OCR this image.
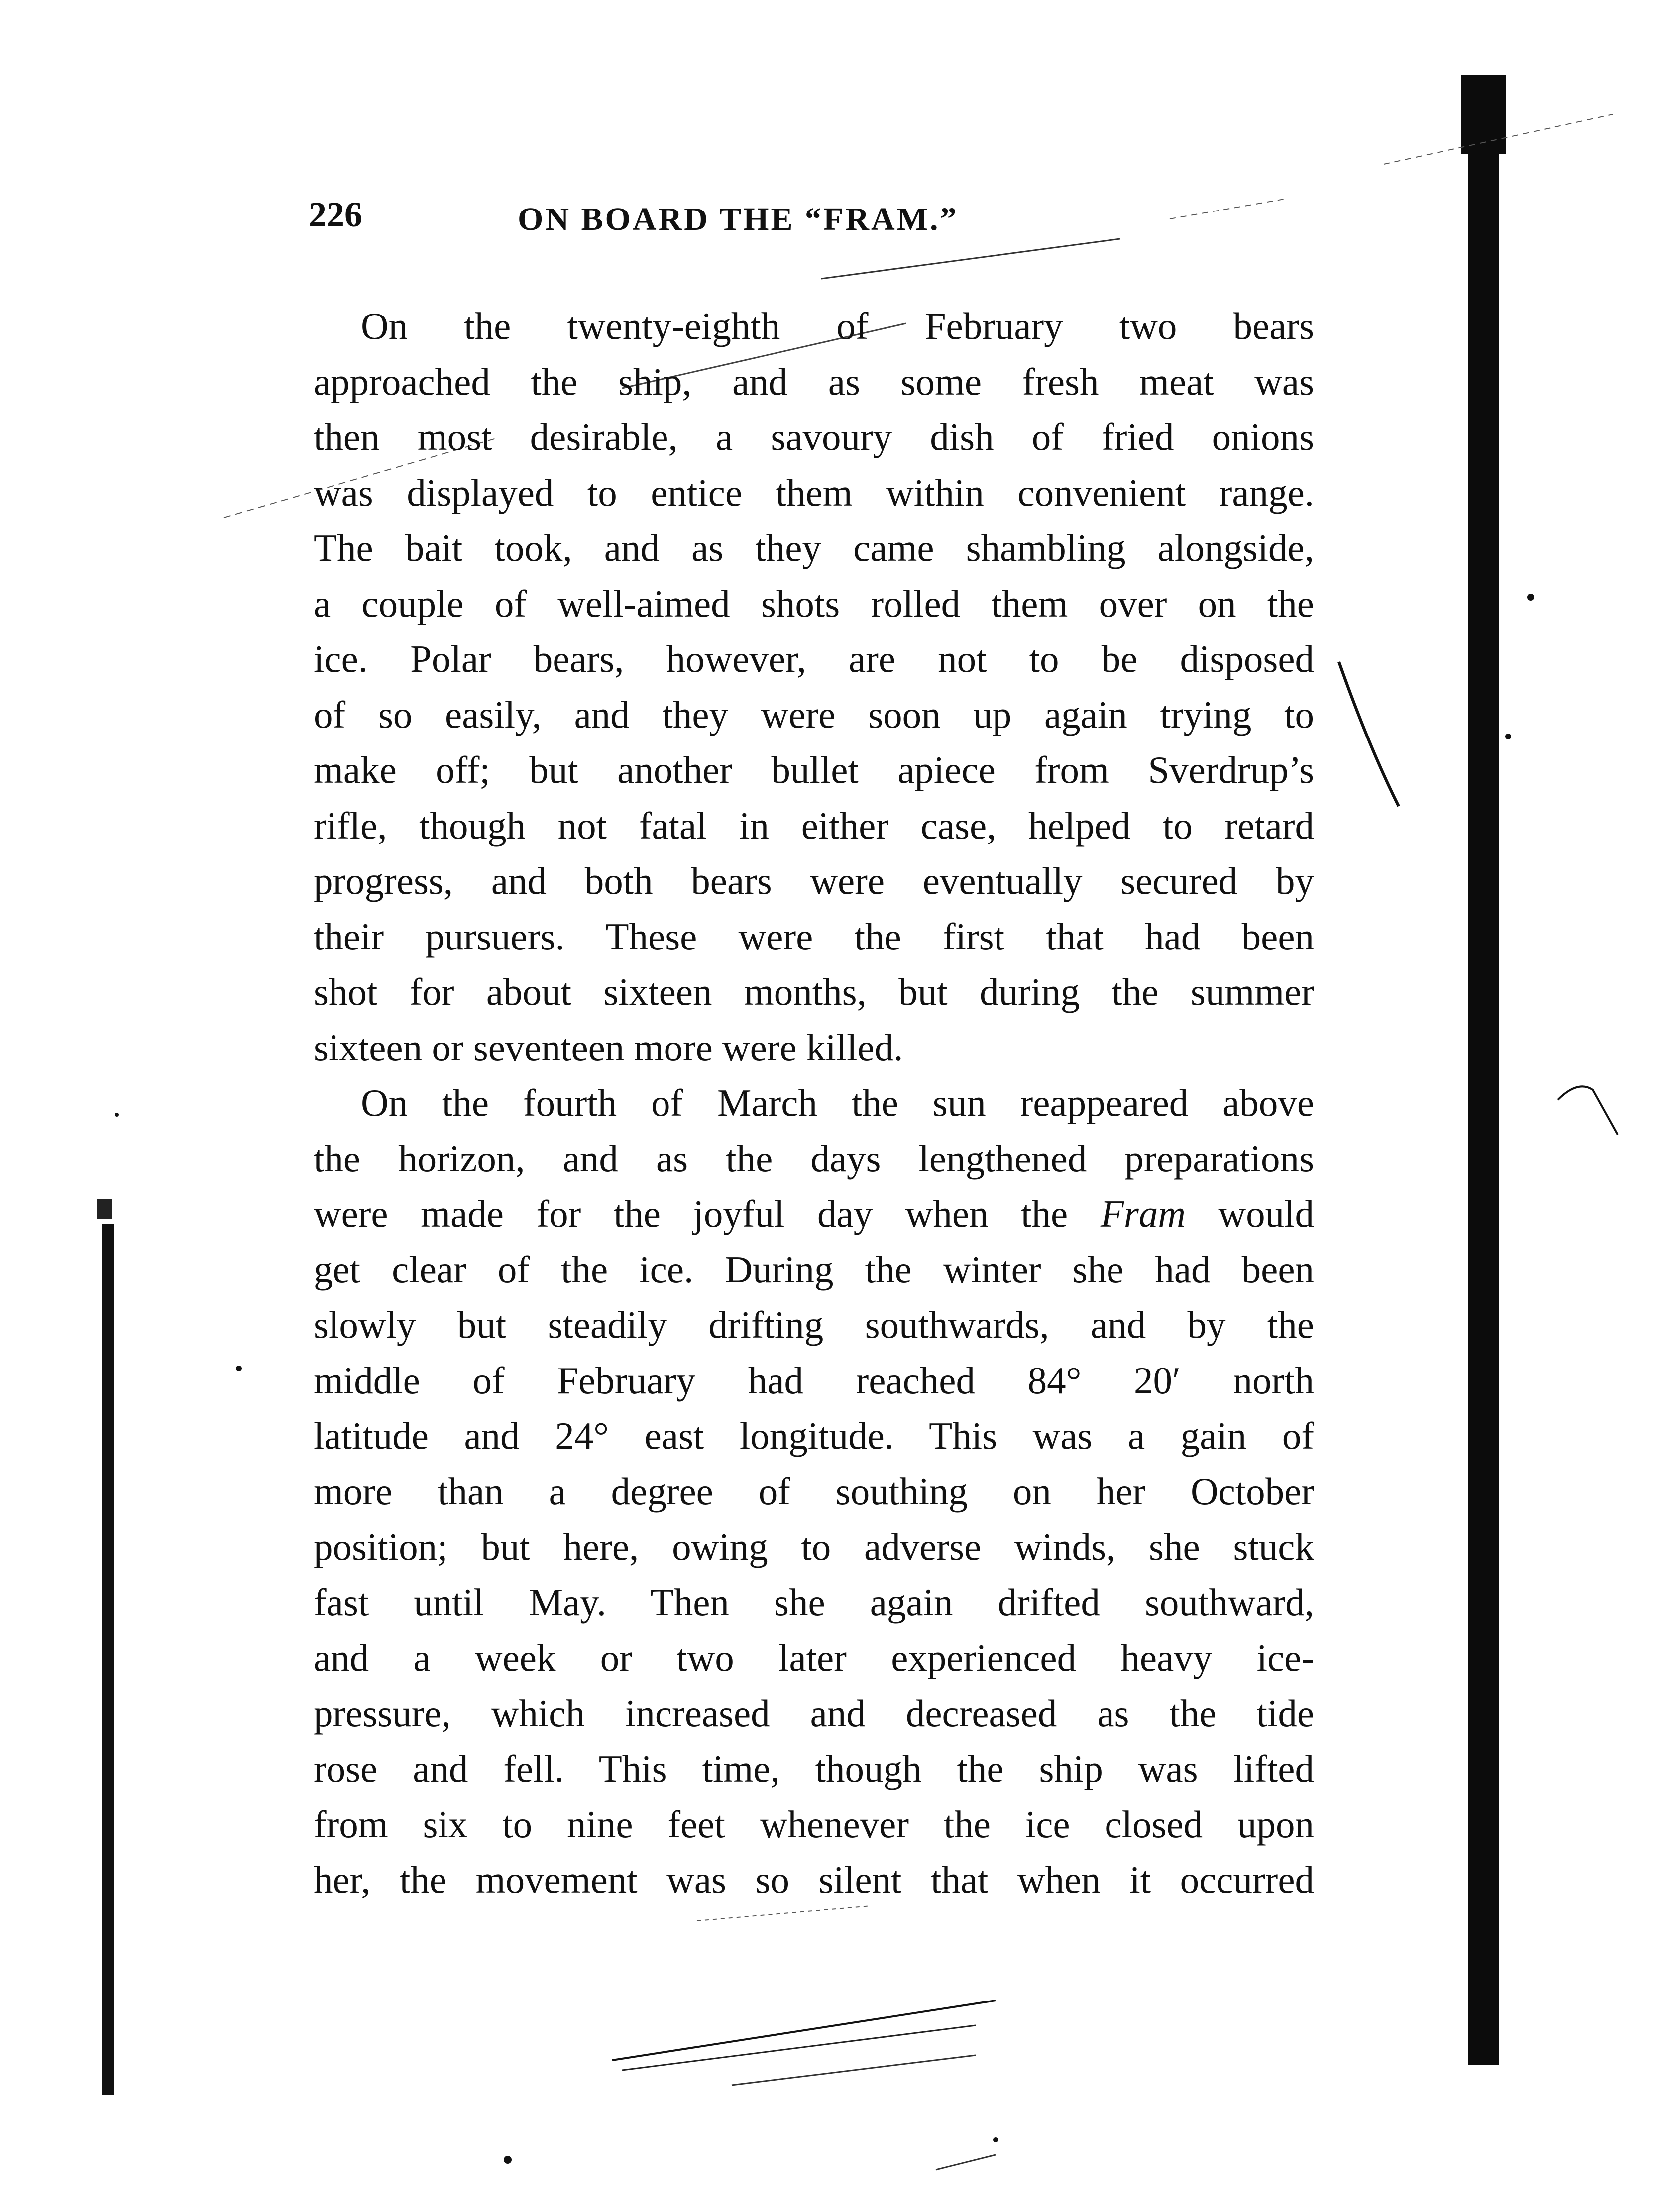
226	ON BOARD THE “FRAM.”

On the twenty-eighth of February two bears
approached the ship, and as some fresh meat was
then most desirable, a savoury dish of fried onions
was displayed to entice them within convenient range.
The bait took, and as they came shambling alongside,
a couple of well-aimed shots rolled them over on the
ice. Polar bears, however, are not to be disposed
of so easily, and they were soon up again trying to
make off; but another bullet apiece from Sverdrup’s
rifle, though not fatal in either case, helped to retard
progress, and both bears were eventually secured by
their pursuers. These were the first that had been
shot for about sixteen months, but during the summer
sixteen or seventeen more were killed.

On the fourth of March the sun reappeared above
the horizon, and as the days lengthened preparations
were made for the joyful day when the Fram would
get clear of the ice. During the winter she had been
slowly but steadily drifting southwards, and by the
middle of February had reached 84° 20′ north
latitude and 24° east longitude. This was a gain of
more than a degree of southing on her October
position; but here, owing to adverse winds, she stuck
fast until May. Then she again drifted southward,
and a week or two later experienced heavy ice-
pressure, which increased and decreased as the tide
rose and fell. This time, though the ship was lifted
from six to nine feet whenever the ice closed upon
her, the movement was so silent that when it occurred
